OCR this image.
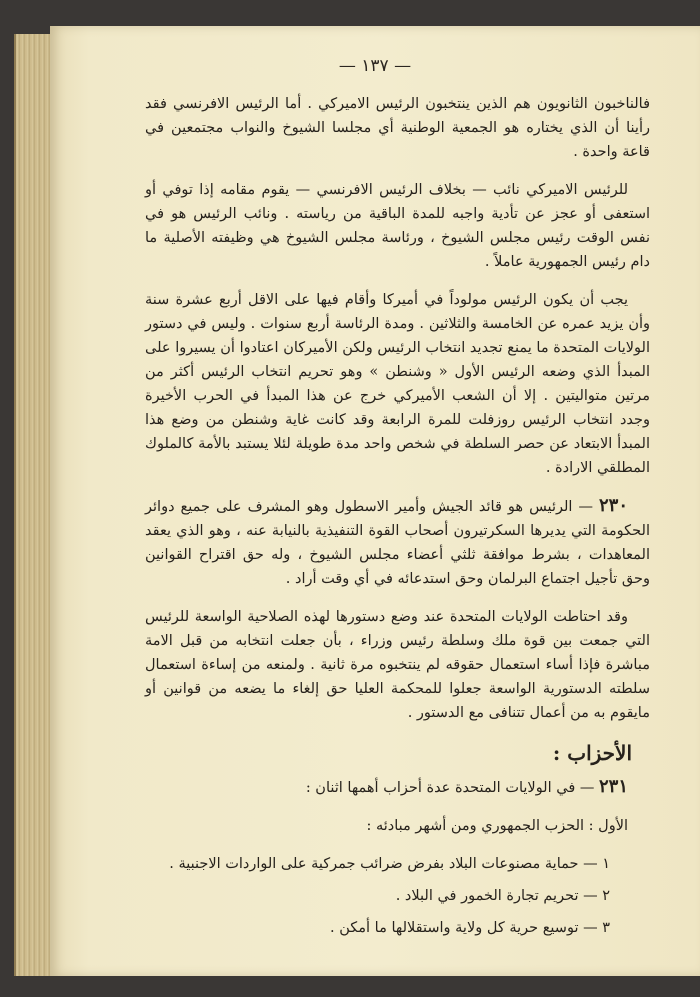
— ١٣٧ —

فالناخبون الثانويون هم الذين ينتخبون الرئيس الاميركي . أما الرئيس الافرنسي فقد رأينا أن الذي يختاره هو الجمعية الوطنية أي مجلسا الشيوخ والنواب مجتمعين في قاعة واحدة .

للرئيس الاميركي نائب — بخلاف الرئيس الافرنسي — يقوم مقامه إذا توفي أو استعفى أو عجز عن تأدية واجبه للمدة الباقية من رياسته . ونائب الرئيس هو في نفس الوقت رئيس مجلس الشيوخ ، ورئاسة مجلس الشيوخ هي وظيفته الأصلية ما دام رئيس الجمهورية عاملاً .

يجب أن يكون الرئيس مولوداً في أميركا وأقام فيها على الاقل أربع عشرة سنة وأن يزيد عمره عن الخامسة والثلاثين . ومدة الرئاسة أربع سنوات . وليس في دستور الولايات المتحدة ما يمنع تجديد انتخاب الرئيس ولكن الأميركان اعتادوا أن يسيروا على المبدأ الذي وضعه الرئيس الأول « وشنطن » وهو تحريم انتخاب الرئيس أكثر من مرتين متواليتين . إلا أن الشعب الأميركي خرج عن هذا المبدأ في الحرب الأخيرة وجدد انتخاب الرئيس روزفلت للمرة الرابعة وقد كانت غاية وشنطن من وضع هذا المبدأ الابتعاد عن حصر السلطة في شخص واحد مدة طويلة لئلا يستبد بالأمة كالملوك المطلقي الارادة .

٢٣٠ — الرئيس هو قائد الجيش وأمير الاسطول وهو المشرف على جميع دوائر الحكومة التي يديرها السكرتيرون أصحاب القوة التنفيذية بالنيابة عنه ، وهو الذي يعقد المعاهدات ، بشرط موافقة ثلثي أعضاء مجلس الشيوخ ، وله حق اقتراح القوانين وحق تأجيل اجتماع البرلمان وحق استدعائه في أي وقت أراد .

وقد احتاطت الولايات المتحدة عند وضع دستورها لهذه الصلاحية الواسعة للرئيس التي جمعت بين قوة ملك وسلطة رئيس وزراء ، بأن جعلت انتخابه من قبل الامة مباشرة فإذا أساء استعمال حقوقه لم ينتخبوه مرة ثانية . ولمنعه من إساءة استعمال سلطته الدستورية الواسعة جعلوا للمحكمة العليا حق إلغاء ما يضعه من قوانين أو مايقوم به من أعمال تتنافى مع الدستور .

الأحزاب :

٢٣١ — في الولايات المتحدة عدة أحزاب أهمها اثنان :

الأول : الحزب الجمهوري ومن أشهر مبادئه :

١ — حماية مصنوعات البلاد بفرض ضرائب جمركية على الواردات الاجنبية .
٢ — تحريم تجارة الخمور في البلاد .
٣ — توسيع حرية كل ولاية واستقلالها ما أمكن .
